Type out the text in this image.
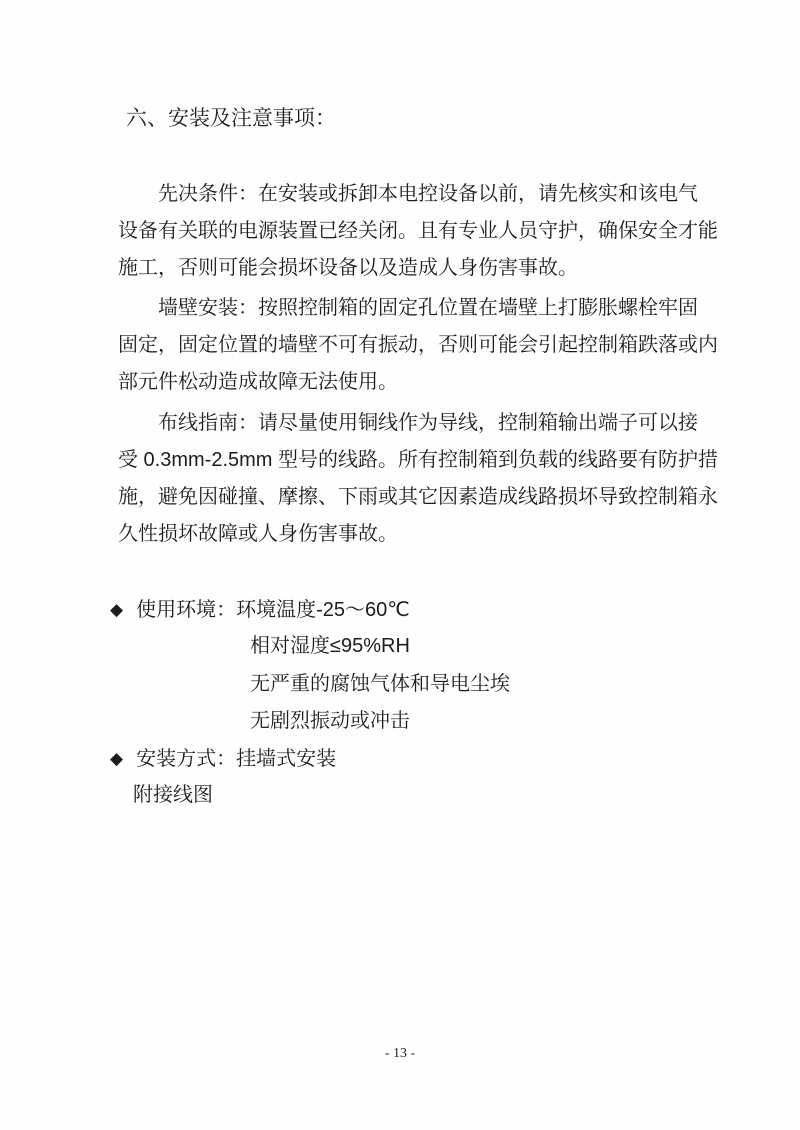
六、安装及注意事项：
先决条件：在安装或拆卸本电控设备以前，请先核实和该电气
设备有关联的电源装置已经关闭。且有专业人员守护，确保安全才能
施工，否则可能会损坏设备以及造成人身伤害事故。
墙壁安装：按照控制箱的固定孔位置在墙壁上打膨胀螺栓牢固
固定，固定位置的墙壁不可有振动，否则可能会引起控制箱跌落或内
部元件松动造成故障无法使用。
布线指南：请尽量使用铜线作为导线，控制箱输出端子可以接
受 0.3mm-2.5mm 型号的线路。所有控制箱到负载的线路要有防护措
施，避免因碰撞、摩擦、下雨或其它因素造成线路损坏导致控制箱永
久性损坏故障或人身伤害事故。
◆ 使用环境：环境温度-25～60℃
相对湿度≤95%RH
无严重的腐蚀气体和导电尘埃
无剧烈振动或冲击
◆ 安装方式：挂墙式安装
附接线图
- 13 -
